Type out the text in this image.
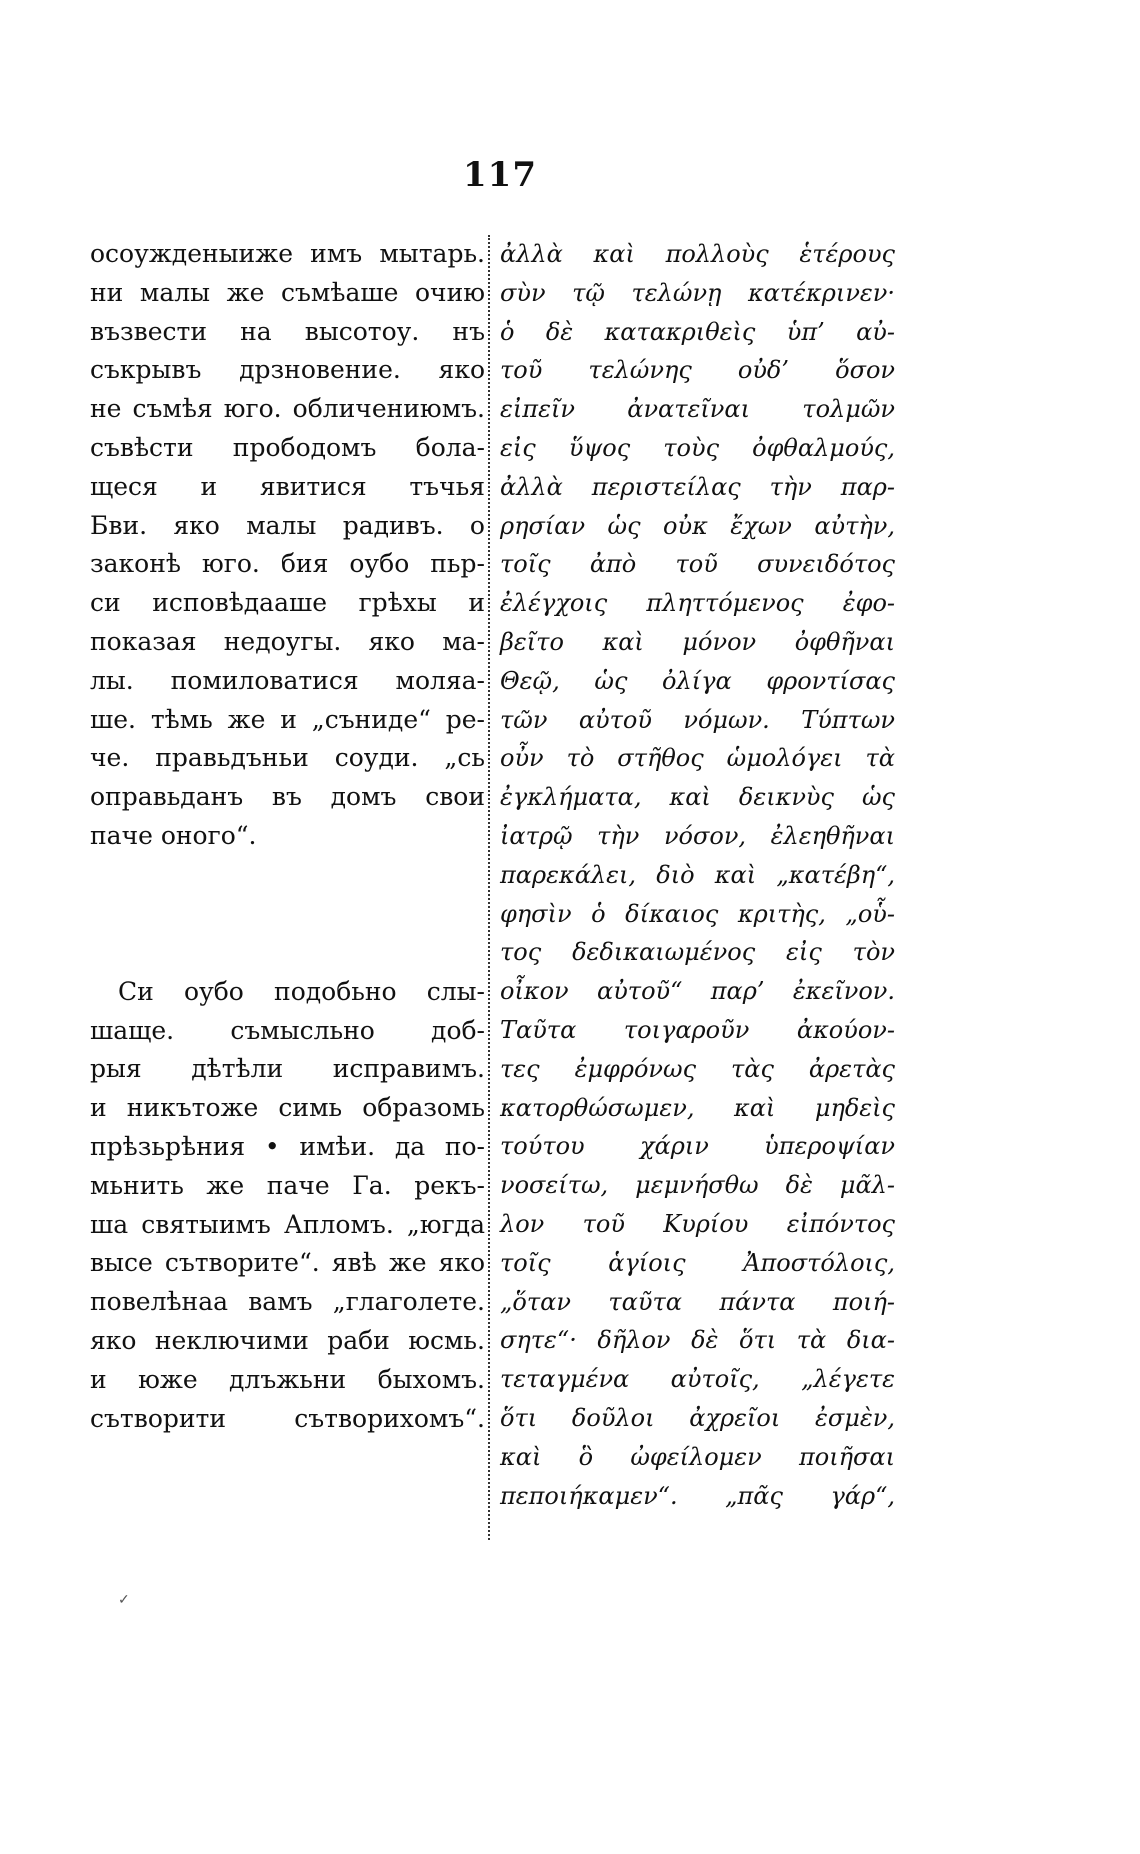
117
осоужденыиже имъ мытарь.
ни малы же съмѣаше очию
възвести на высотоу. нъ
съкрывъ дрзновение. яко
не съмѣя юго. обличениюмъ.
съвѣсти прободомъ болa-
щеся и явитися тъчья
Бви. яко малы радивъ. о
законѣ юго. бия оубо пьр-
си исповѣдааше грѣхы и
показая недоугы. яко ма-
лы. помиловатися моляа-
ше. тѣмь же и „сънидe“ ре-
че. правьдъньи соуди. „сь
оправьданъ въ домъ свои
паче оного“.
Си оубо подобьно слы-
шаще. съмысльно доб-
рыя дѣтѣли исправимъ.
и никътоже симь образомь
прѣзьрѣния • имѣи. да по-
мьнить же паче Га. рекъ-
ша святыимъ Апломъ. „югда
высе сътворите“. явѣ же яко
повелѣнаа вамъ „глаголете.
яко неключими раби юсмь.
и юже длъжьни быхомъ.
сътворити сътворихомъ“.
ἀλλὰ καὶ πολλοὺς ἑτέρους
σὺν τῷ τελώνῃ κατέκρινεν·
ὁ δὲ κατακριθεὶς ὑπ’ αὐ-
τοῦ τελώνης οὐδ’ ὅσον
εἰπεῖν ἀνατεῖναι τολμῶν
εἰς ὕψος τοὺς ὀφθαλμούς,
ἀλλὰ περιστείλας τὴν παρ-
ρησίαν ὡς οὐκ ἔχων αὐτὴν,
τοῖς ἀπὸ τοῦ συνειδότος
ἐλέγχοις πληττόμενος ἐφο-
βεῖτο καὶ μόνον ὀφθῆναι
Θεῷ, ὡς ὀλίγα φροντίσας
τῶν αὐτοῦ νόμων. Τύπτων
οὖν τὸ στῆθος ὡμολόγει τὰ
ἐγκλήματα, καὶ δεικνὺς ὡς
ἰατρῷ τὴν νόσον, ἐλεηθῆναι
παρεκάλει, διὸ καὶ „κατέβη“,
φησὶν ὁ δίκαιος κριτὴς, „οὗ-
τος δεδικαιωμένος εἰς τὸν
οἶκον αὐτοῦ“ παρ’ ἐκεῖνον.
Ταῦτα τοιγαροῦν ἀκούον-
τες ἐμφρόνως τὰς ἀρετὰς
κατορθώσωμεν, καὶ μηδεὶς
τούτου χάριν ὑπεροψίαν
νοσείτω, μεμνήσθω δὲ μᾶλ-
λον τοῦ Κυρίου εἰπόντος
τοῖς ἁγίοις Ἀποστόλοις,
„ὅταν ταῦτα πάντα ποιή-
σητε“· δῆλον δὲ ὅτι τὰ δια-
τεταγμένα αὐτοῖς, „λέγετε
ὅτι δοῦλοι ἀχρεῖοι ἐσμὲν,
καὶ ὃ ὠφείλομεν ποιῆσαι
πεποιήκαμεν“. „πᾶς γάρ“,
✓
